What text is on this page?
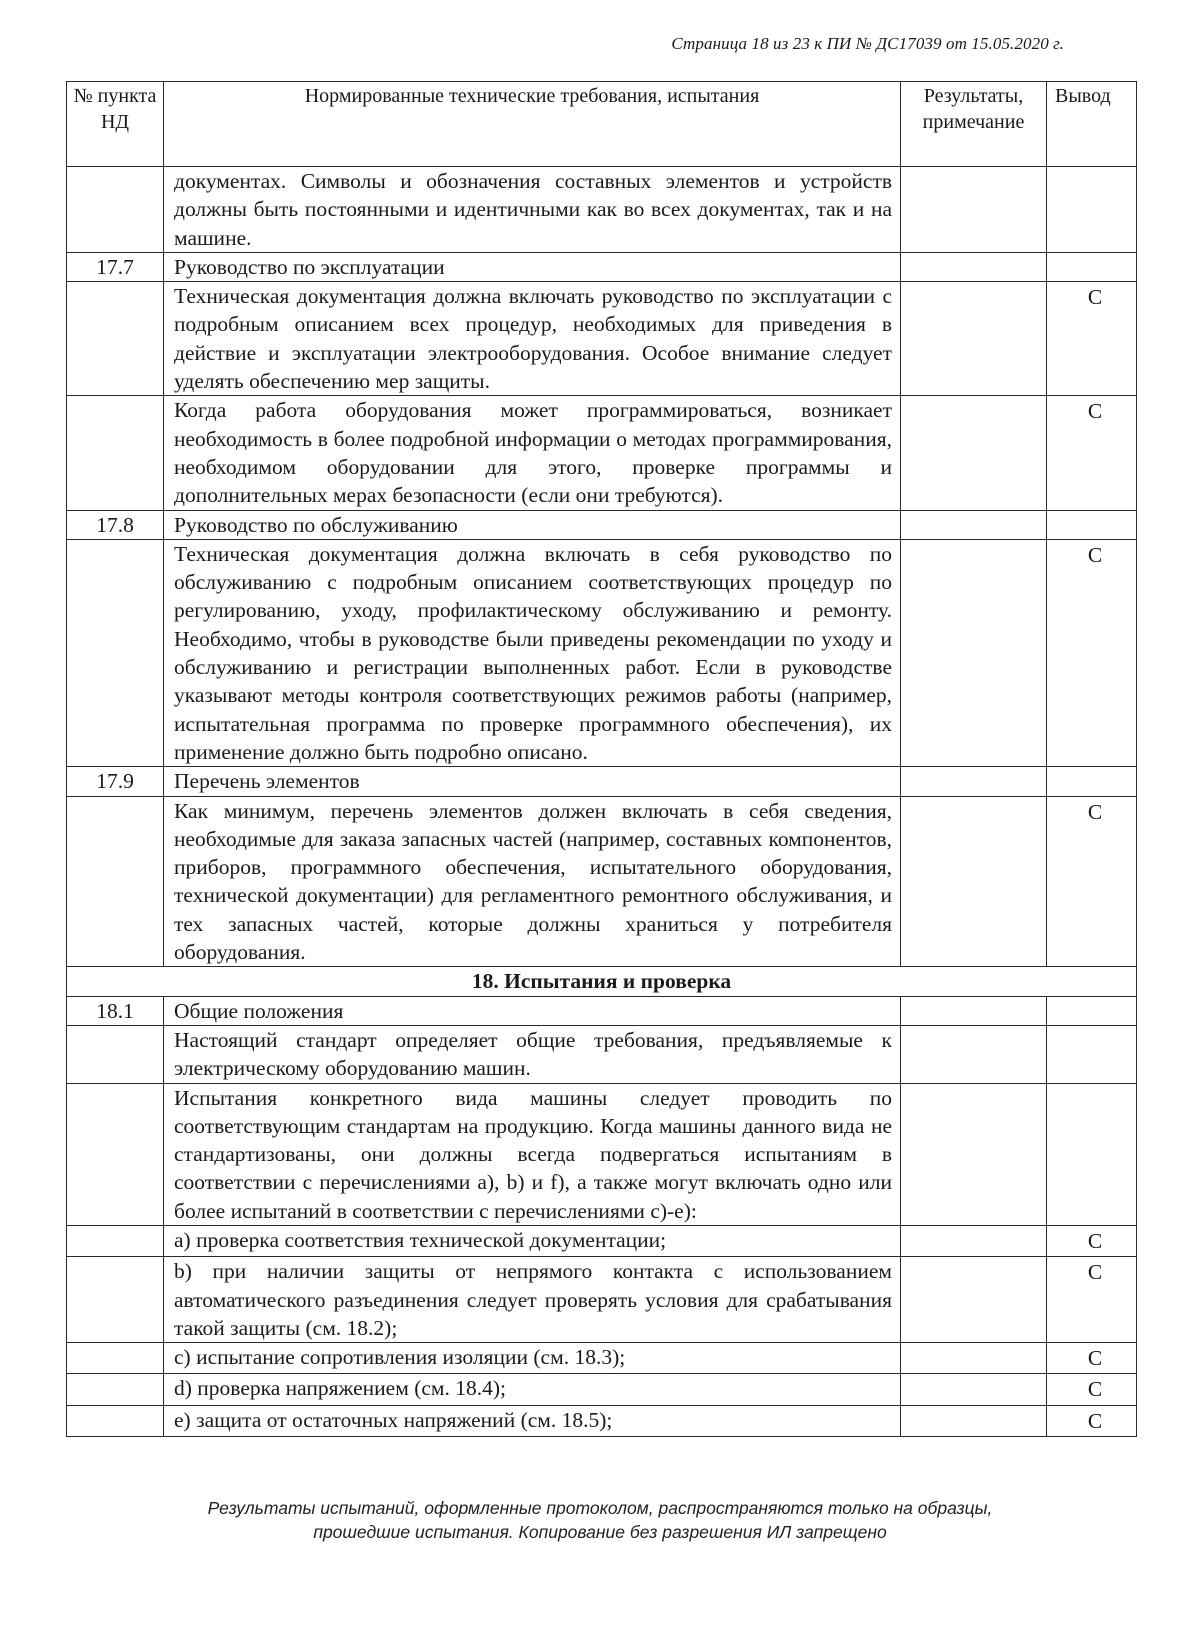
Страница 18 из 23 к ПИ № ДС17039 от 15.05.2020 г.
№ пункта НД	Нормированные технические требования, испытания	Результаты, примечание	Вывод
	документах. Символы и обозначения составных элементов и устройств должны быть постоянными и идентичными как во всех документах, так и на машине.		
17.7	Руководство по эксплуатации		
	Техническая документация должна включать руководство по эксплуатации с подробным описанием всех процедур, необходимых для приведения в действие и эксплуатации электрооборудования. Особое внимание следует уделять обеспечению мер защиты.		С
	Когда работа оборудования может программироваться, возникает необходимость в более подробной информации о методах программирования, необходимом оборудовании для этого, проверке программы и дополнительных мерах безопасности (если они требуются).		С
17.8	Руководство по обслуживанию		
	Техническая документация должна включать в себя руководство по обслуживанию с подробным описанием соответствующих процедур по регулированию, уходу, профилактическому обслуживанию и ремонту. Необходимо, чтобы в руководстве были приведены рекомендации по уходу и обслуживанию и регистрации выполненных работ. Если в руководстве указывают методы контроля соответствующих режимов работы (например, испытательная программа по проверке программного обеспечения), их применение должно быть подробно описано.		С
17.9	Перечень элементов		
	Как минимум, перечень элементов должен включать в себя сведения, необходимые для заказа запасных частей (например, составных компонентов, приборов, программного обеспечения, испытательного оборудования, технической документации) для регламентного ремонтного обслуживания, и тех запасных частей, которые должны храниться у потребителя оборудования.		С
18. Испытания и проверка			
18.1	Общие положения		
	Настоящий стандарт определяет общие требования, предъявляемые к электрическому оборудованию машин.		
	Испытания конкретного вида машины следует проводить по соответствующим стандартам на продукцию. Когда машины данного вида не стандартизованы, они должны всегда подвергаться испытаниям в соответствии с перечислениями а), b) и f), а также могут включать одно или более испытаний в соответствии с перечислениями с)-е):		
	а) проверка соответствия технической документации;		С
	b) при наличии защиты от непрямого контакта с использованием автоматического разъединения следует проверять условия для срабатывания такой защиты (см. 18.2);		С
	с) испытание сопротивления изоляции (см. 18.3);		С
	d) проверка напряжением (см. 18.4);		С
	е) защита от остаточных напряжений (см. 18.5);		С
Результаты испытаний, оформленные протоколом, распространяются только на образцы,
прошедшие испытания. Копирование без разрешения ИЛ запрещено
